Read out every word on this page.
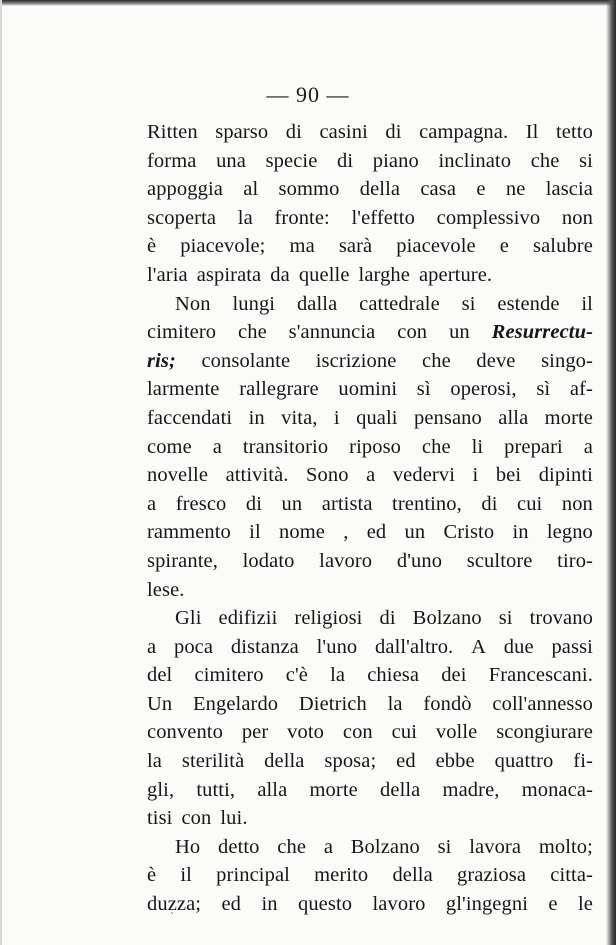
— 90 —
Ritten sparso di casini di campagna. Il tetto
forma una specie di piano inclinato che si
appoggia al sommo della casa e ne lascia
scoperta la fronte: l'effetto complessivo non
è piacevole; ma sarà piacevole e salubre
l'aria aspirata da quelle larghe aperture.
Non lungi dalla cattedrale si estende il
cimitero che s'annuncia con un Resurrectu-
ris; consolante iscrizione che deve singo-
larmente rallegrare uomini sì operosi, sì af-
faccendati in vita, i quali pensano alla morte
come a transitorio riposo che li prepari a
novelle attività. Sono a vedervi i bei dipinti
a fresco di un artista trentino, di cui non
rammento il nome , ed un Cristo in legno
spirante, lodato lavoro d'uno scultore tiro-
lese.
Gli edifizii religiosi di Bolzano si trovano
a poca distanza l'uno dall'altro. A due passi
del cimitero c'è la chiesa dei Francescani.
Un Engelardo Dietrich la fondò coll'annesso
convento per voto con cui volle scongiurare
la sterilità della sposa; ed ebbe quattro fi-
gli, tutti, alla morte della madre, monaca-
tisi con lui.
Ho detto che a Bolzano si lavora molto;
è il principal merito della graziosa citta-
duzza; ed in questo lavoro gl'ingegni e le
`
